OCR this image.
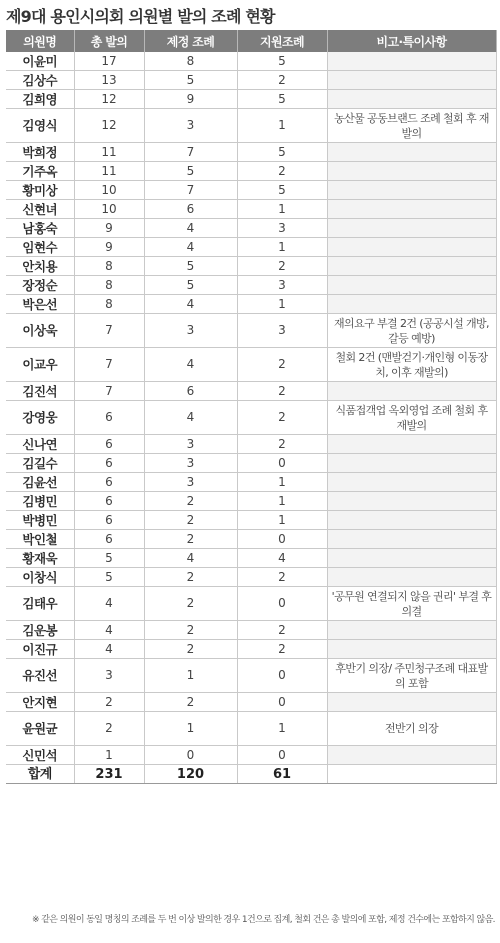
제9대 용인시의회 의원별 발의 조례 현황
의원명	총 발의	제정 조례	지원조례	비고·특이사항
이윤미	17	8	5	
김상수	13	5	2	
김희영	12	9	5	
김영식	12	3	1	농산물 공동브랜드 조례 철회 후 재발의
박희정	11	7	5	
기주옥	11	5	2	
황미상	10	7	5	
신현녀	10	6	1	
남홍숙	9	4	3	
임현수	9	4	1	
안치용	8	5	2	
장정순	8	5	3	
박은선	8	4	1	
이상욱	7	3	3	재의요구 부결 2건 (공공시설 개방, 갈등 예방)
이교우	7	4	2	철회 2건 (맨발걷기·개인형 이동장치, 이후 재발의)
김진석	7	6	2	
강영웅	6	4	2	식품접객업 옥외영업 조례 철회 후 재발의
신나연	6	3	2	
김길수	6	3	0	
김윤선	6	3	1	
김병민	6	2	1	
박병민	6	2	1	
박인철	6	2	0	
황재욱	5	4	4	
이창식	5	2	2	
김태우	4	2	0	'공무원 연결되지 않을 권리' 부결 후 의결
김운봉	4	2	2	
이진규	4	2	2	
유진선	3	1	0	후반기 의장/ 주민청구조례 대표발의 포함
안지현	2	2	0	
윤원균	2	1	1	전반기 의장
신민석	1	0	0	
합계	231	120	61	
※ 같은 의원이 동일 명칭의 조례를 두 번 이상 발의한 경우 1건으로 집계, 철회 건은 총 발의에 포함, 제정 건수에는 포함하지 않음.
